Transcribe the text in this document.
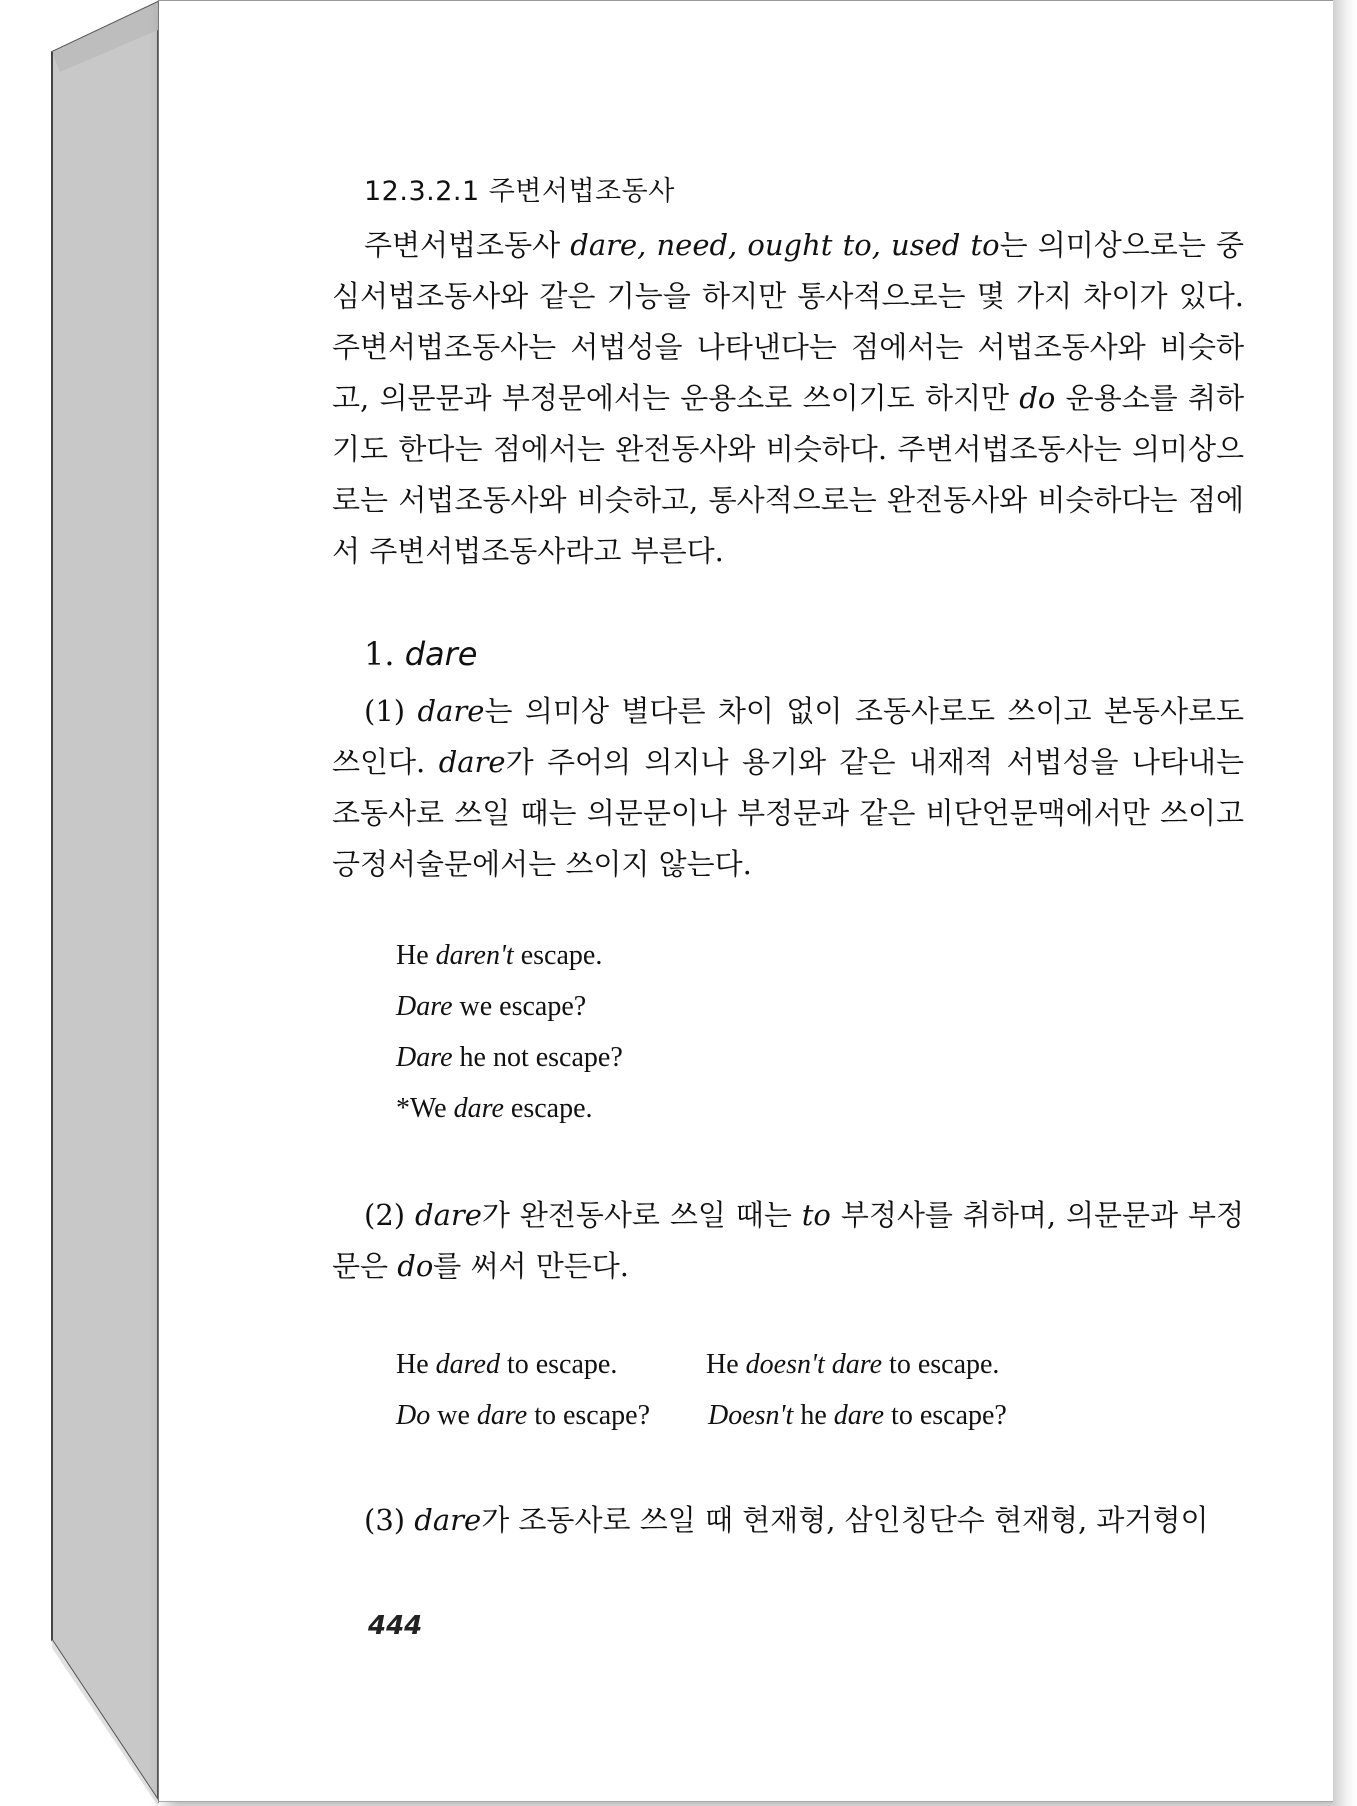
12.3.2.1 주변서법조동사
주변서법조동사 dare, need, ought to, used to는 의미상으로는 중심서법조동사와 같은 기능을 하지만 통사적으로는 몇 가지 차이가 있다. 주변서법조동사는 서법성을 나타낸다는 점에서는 서법조동사와 비슷하고, 의문문과 부정문에서는 운용소로 쓰이기도 하지만 do 운용소를 취하기도 한다는 점에서는 완전동사와 비슷하다. 주변서법조동사는 의미상으로는 서법조동사와 비슷하고, 통사적으로는 완전동사와 비슷하다는 점에서 주변서법조동사라고 부른다.
1. dare
(1) dare는 의미상 별다른 차이 없이 조동사로도 쓰이고 본동사로도 쓰인다. dare가 주어의 의지나 용기와 같은 내재적 서법성을 나타내는 조동사로 쓰일 때는 의문문이나 부정문과 같은 비단언문맥에서만 쓰이고 긍정서술문에서는 쓰이지 않는다.
He daren't escape.
Dare we escape?
Dare he not escape?
*We dare escape.
(2) dare가 완전동사로 쓰일 때는 to 부정사를 취하며, 의문문과 부정문은 do를 써서 만든다.
He dared to escape.	He doesn't dare to escape.
Do we dare to escape? Doesn't he dare to escape?
(3) dare가 조동사로 쓰일 때 현재형, 삼인칭단수 현재형, 과거형이
444
